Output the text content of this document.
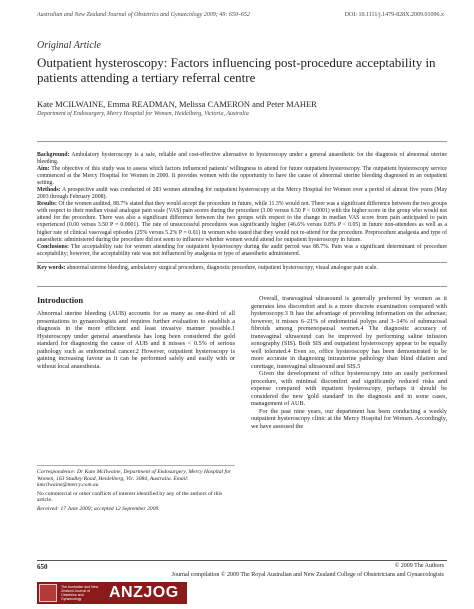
Australian and New Zealand Journal of Obstetrics and Gynaecology 2009; 49: 650–652	DOI: 10.1111/j.1479-828X.2009.01096.x
Original Article
Outpatient hysteroscopy: Factors influencing post-procedure acceptability in patients attending a tertiary referral centre
Kate MCILWAINE, Emma READMAN, Melissa CAMERON and Peter MAHER
Department of Endosurgery, Mercy Hospital for Women, Heidelberg, Victoria, Australia

Background: Ambulatory hysteroscopy is a safe, reliable and cost-effective alternative to hysteroscopy under a general anaesthetic for the diagnosis of abnormal uterine bleeding.

Aim: The objective of this study was to assess which factors influenced patients' willingness to attend for future outpatient hysteroscopy. The outpatient hysteroscopy service commenced at the Mercy Hospital for Women in 2000. It provides women with the opportunity to have the cause of abnormal uterine bleeding diagnosed in an outpatient setting.

Methods: A prospective audit was conducted of 283 women attending for outpatient hysteroscopy at the Mercy Hospital for Women over a period of almost five years (May 2003 through February 2008).

Results: Of the women audited, 88.7% stated that they would accept the procedure in future, while 11.3% would not. There was a significant difference between the two groups with respect to their median visual analogue pain scale (VAS) pain scores during the procedure (3.00 versus 6.50 P < 0.0001) with the higher score in the group who would not attend for the procedure. There was also a significant difference between the two groups with respect to the change in median VAS score from pain anticipated to pain experienced (0.00 versus 3.50 P = 0.0001). The rate of unsuccessful procedures was significantly higher (46.6% versus 0.8% P < 0.05) in future non-attendees as well as a higher rate of clinical vasovagal episodes (25% versus 5.2% P = 0.01) in women who stated that they would not re-attend for the procedure. Preprocedure analgesia and type of anaesthetic administered during the procedure did not seem to influence whether women would attend for outpatient hysteroscopy in future.

Conclusions: The acceptability rate for women attending for outpatient hysteroscopy during the audit period was 88.7%. Pain was a significant determinant of procedure acceptability; however, the acceptability rate was not influenced by analgesia or type of anaesthetic administered.

Key words: abnormal uterine bleeding, ambulatory surgical procedures, diagnostic procedure, outpatient hysteroscopy, visual analogue pain scale.
Introduction

Abnormal uterine bleeding (AUB) accounts for as many as one-third of all presentations to gynaecologists and requires further evaluation to establish a diagnosis in the more efficient and least invasive manner possible.1 Hysteroscopy under general anaesthesia has long been considered the gold standard for diagnosing the cause of AUB and it misses < 0.5% of serious pathology such as endometrial cancer.2 However, outpatient hysteroscopy is gaining increasing favour as it can be performed safely and easily with or without local anaesthesia.

Overall, transvaginal ultrasound is generally preferred by women as it generates less discomfort and is a more discrete examination compared with hysteroscopy.3 It has the advantage of providing information on the adnexae; however, it misses 6–21% of endometrial polyps and 3–14% of submucosal fibroids among premenopausal women.4 The diagnostic accuracy of transvaginal ultrasound can be improved by performing saline infusion sonography (SIS). Both SIS and outpatient hysteroscopy appear to be equally well tolerated.4 Even so, office hysteroscopy has been demonstrated to be more accurate in diagnosing intrauterine pathology than blind dilation and curettage, transvaginal ultrasound and SIS.5

Given the development of office hysteroscopy into an easily performed procedure, with minimal discomfort and significantly reduced risks and expense compared with inpatient hysteroscopy, perhaps it should be considered the new 'gold standard' in the diagnosis and in some cases, management of AUB.

For the past nine years, our department has been conducting a weekly outpatient hysteroscopy clinic at the Mercy Hospital for Women. Accordingly, we have assessed the

Correspondence: Dr Kate McIlwaine, Department of Endosurgery, Mercy Hospital for Women, 163 Studley Road, Heidelberg, Vic. 3084, Australia. Email: kmcilwaine@mercy.com.au
No commercial or other conflicts of interest identified by any of the authors of this article.
Received: 17 June 2009; accepted 12 September 2009.
650	© 2009 The Authors
Journal compilation © 2009 The Royal Australian and New Zealand College of Obstetricians and Gynaecologists
The Australian and New Zealand Journal of Obstetrics and Gynaecology	ANZJOG
